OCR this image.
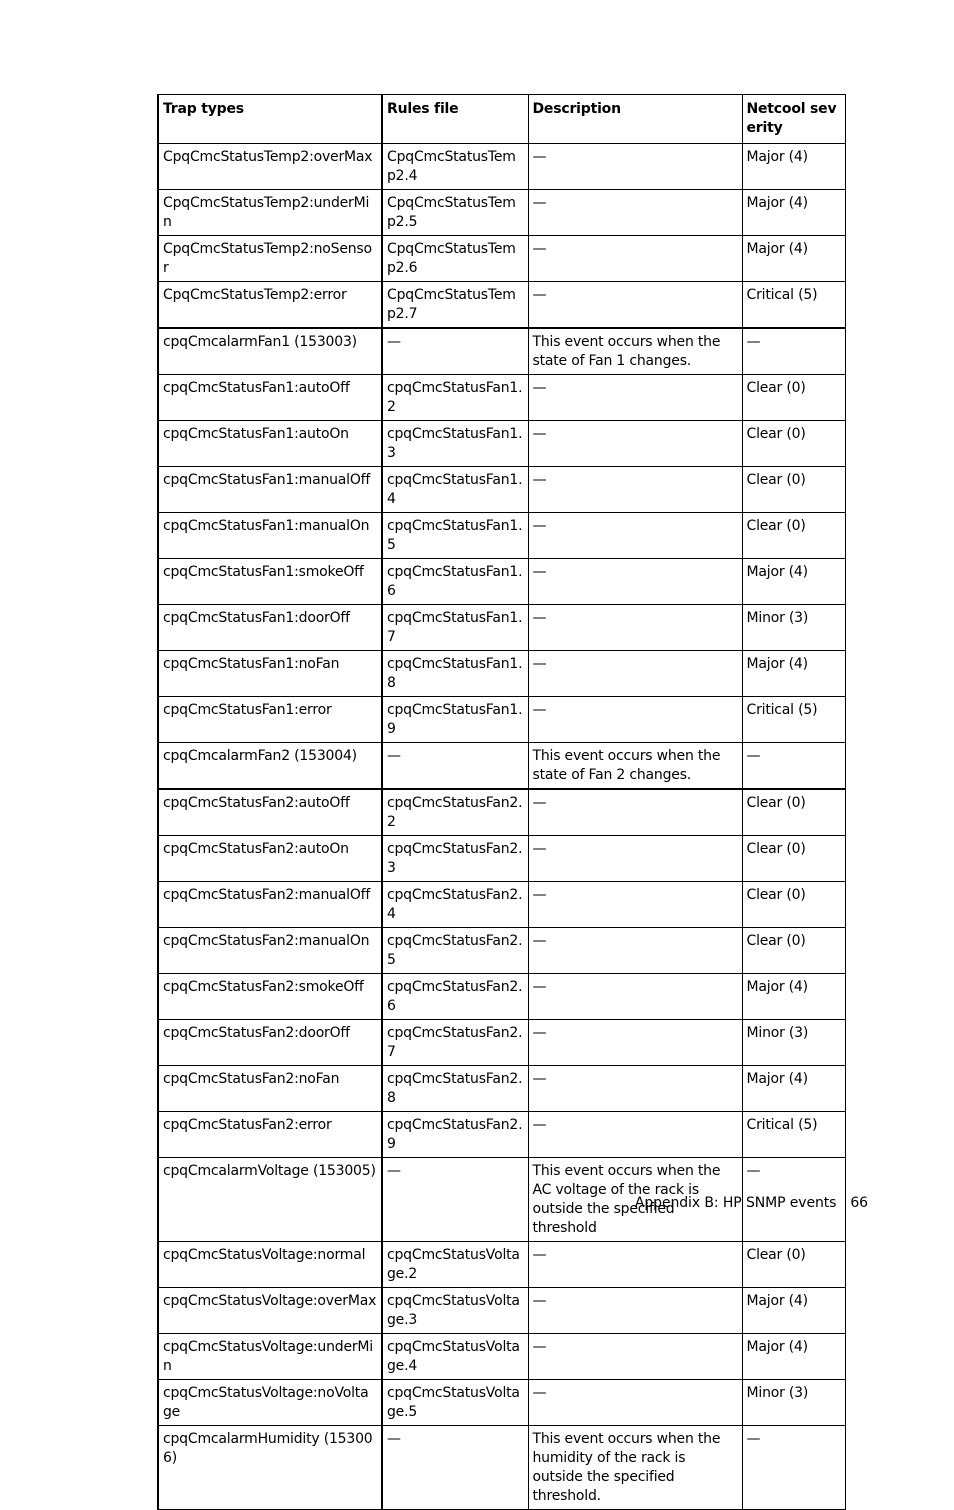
Trap types	Rules file	Description	Netcool severity
CpqCmcStatusTemp2:overMax	CpqCmcStatusTemp2.4	—	Major (4)
CpqCmcStatusTemp2:underMin	CpqCmcStatusTemp2.5	—	Major (4)
CpqCmcStatusTemp2:noSensor	CpqCmcStatusTemp2.6	—	Major (4)
CpqCmcStatusTemp2:error	CpqCmcStatusTemp2.7	—	Critical (5)
cpqCmcalarmFan1 (153003)	—	This event occurs when the state of Fan 1 changes.	—
cpqCmcStatusFan1:autoOff	cpqCmcStatusFan1.2	—	Clear (0)
cpqCmcStatusFan1:autoOn	cpqCmcStatusFan1.3	—	Clear (0)
cpqCmcStatusFan1:manualOff	cpqCmcStatusFan1.4	—	Clear (0)
cpqCmcStatusFan1:manualOn	cpqCmcStatusFan1.5	—	Clear (0)
cpqCmcStatusFan1:smokeOff	cpqCmcStatusFan1.6	—	Major (4)
cpqCmcStatusFan1:doorOff	cpqCmcStatusFan1.7	—	Minor (3)
cpqCmcStatusFan1:noFan	cpqCmcStatusFan1.8	—	Major (4)
cpqCmcStatusFan1:error	cpqCmcStatusFan1.9	—	Critical (5)
cpqCmcalarmFan2 (153004)	—	This event occurs when the state of Fan 2 changes.	—
cpqCmcStatusFan2:autoOff	cpqCmcStatusFan2.2	—	Clear (0)
cpqCmcStatusFan2:autoOn	cpqCmcStatusFan2.3	—	Clear (0)
cpqCmcStatusFan2:manualOff	cpqCmcStatusFan2.4	—	Clear (0)
cpqCmcStatusFan2:manualOn	cpqCmcStatusFan2.5	—	Clear (0)
cpqCmcStatusFan2:smokeOff	cpqCmcStatusFan2.6	—	Major (4)
cpqCmcStatusFan2:doorOff	cpqCmcStatusFan2.7	—	Minor (3)
cpqCmcStatusFan2:noFan	cpqCmcStatusFan2.8	—	Major (4)
cpqCmcStatusFan2:error	cpqCmcStatusFan2.9	—	Critical (5)
cpqCmcalarmVoltage (153005)	—	This event occurs when the AC voltage of the rack is outside the specified threshold	—
cpqCmcStatusVoltage:normal	cpqCmcStatusVoltage.2	—	Clear (0)
cpqCmcStatusVoltage:overMax	cpqCmcStatusVoltage.3	—	Major (4)
cpqCmcStatusVoltage:underMin	cpqCmcStatusVoltage.4	—	Major (4)
cpqCmcStatusVoltage:noVoltage	cpqCmcStatusVoltage.5	—	Minor (3)
cpqCmcalarmHumidity (153006)	—	This event occurs when the humidity of the rack is outside the specified threshold.	—
Appendix B: HP SNMP events 66
